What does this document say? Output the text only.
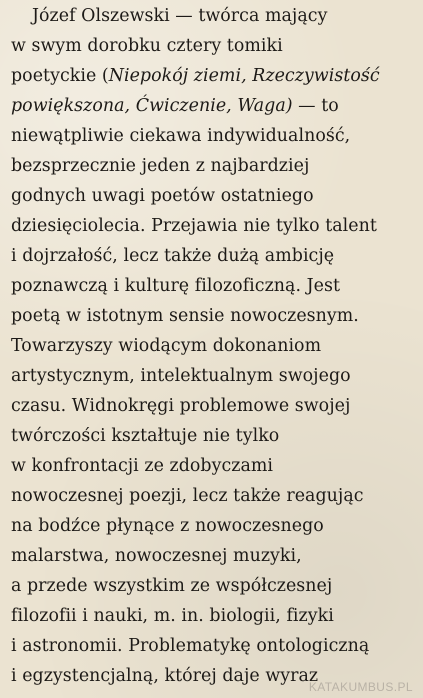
Józef Olszewski — twórca mający
w swym dorobku cztery tomiki
poetyckie (Niepokój ziemi, Rzeczywistość
powiększona, Ćwiczenie, Waga) — to
niewątpliwie ciekawa indywidualność,
bezsprzecznie jeden z najbardziej
godnych uwagi poetów ostatniego
dziesięciolecia. Przejawia nie tylko talent
i dojrzałość, lecz także dużą ambicję
poznawczą i kulturę filozoficzną. Jest
poetą w istotnym sensie nowoczesnym.
Towarzyszy wiodącym dokonaniom
artystycznym, intelektualnym swojego
czasu. Widnokręgi problemowe swojej
twórczości kształtuje nie tylko
w konfrontacji ze zdobyczami
nowoczesnej poezji, lecz także reagując
na bodźce płynące z nowoczesnego
malarstwa, nowoczesnej muzyki,
a przede wszystkim ze współczesnej
filozofii i nauki, m. in. biologii, fizyki
i astronomii. Problematykę ontologiczną
i egzystencjalną, której daje wyraz
KATAKUMBUS.PL
